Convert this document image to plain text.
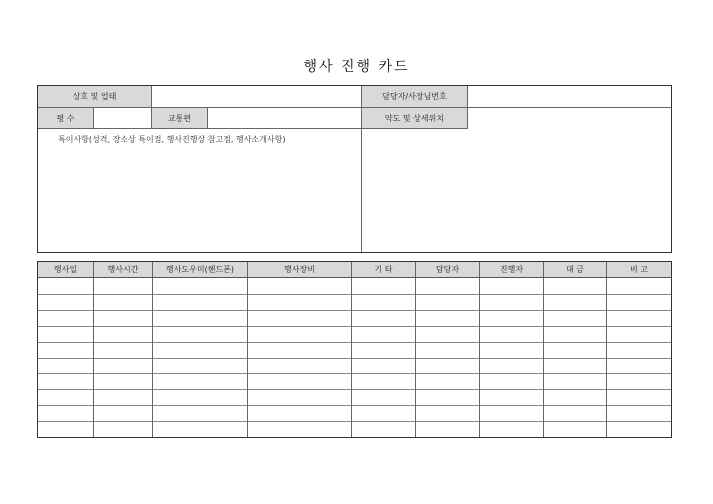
행사 진행 카드
상호 및 업태	담당자/사장님번호
평 수	교통편	약도 및 상세위치
특이사항(성격, 장소상 특이점, 행사진행상 참고점, 행사소개사항)
행사일	행사시간	행사도우미(핸드폰)	행사장비	기 타	담당자	진행자	대 금	비 고
